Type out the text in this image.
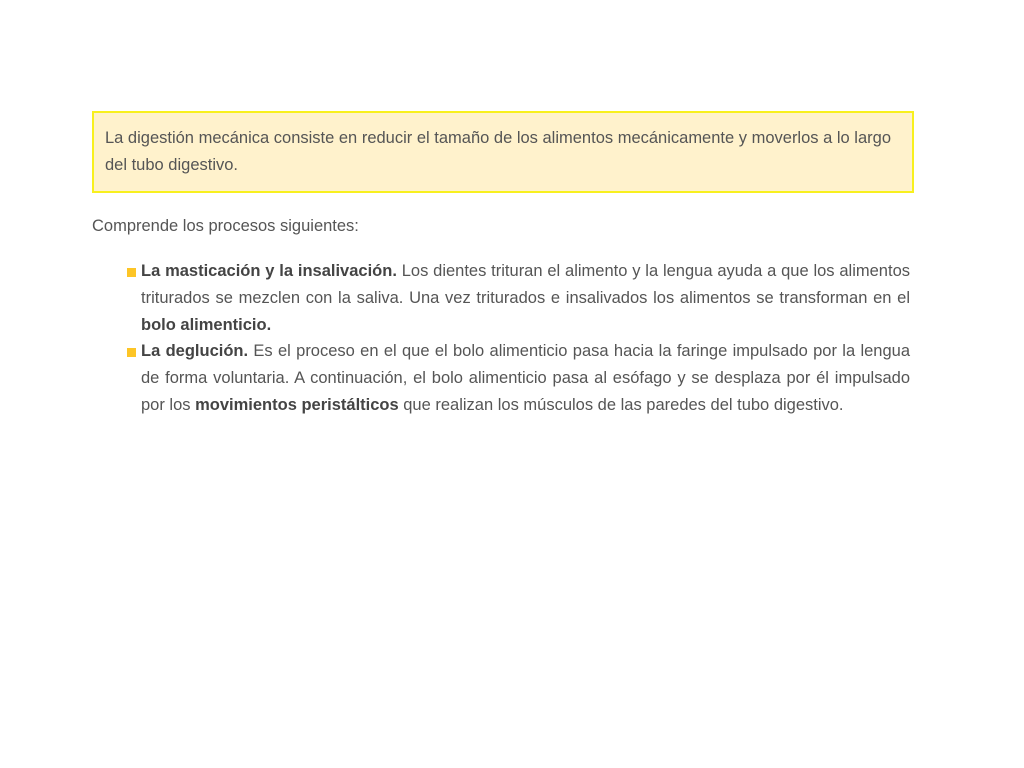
La digestión mecánica consiste en reducir el tamaño de los alimentos mecánicamente y moverlos a lo largo del tubo digestivo.
Comprende los procesos siguientes:
La masticación y la insalivación. Los dientes trituran el alimento y la lengua ayuda a que los alimentos triturados se mezclen con la saliva. Una vez triturados e insalivados los alimentos se transforman en el bolo alimenticio.
La deglución. Es el proceso en el que el bolo alimenticio pasa hacia la faringe impulsado por la lengua de forma voluntaria. A continuación, el bolo alimenticio pasa al esófago y se desplaza por él impulsado por los movimientos peristálticos que realizan los músculos de las paredes del tubo digestivo.
